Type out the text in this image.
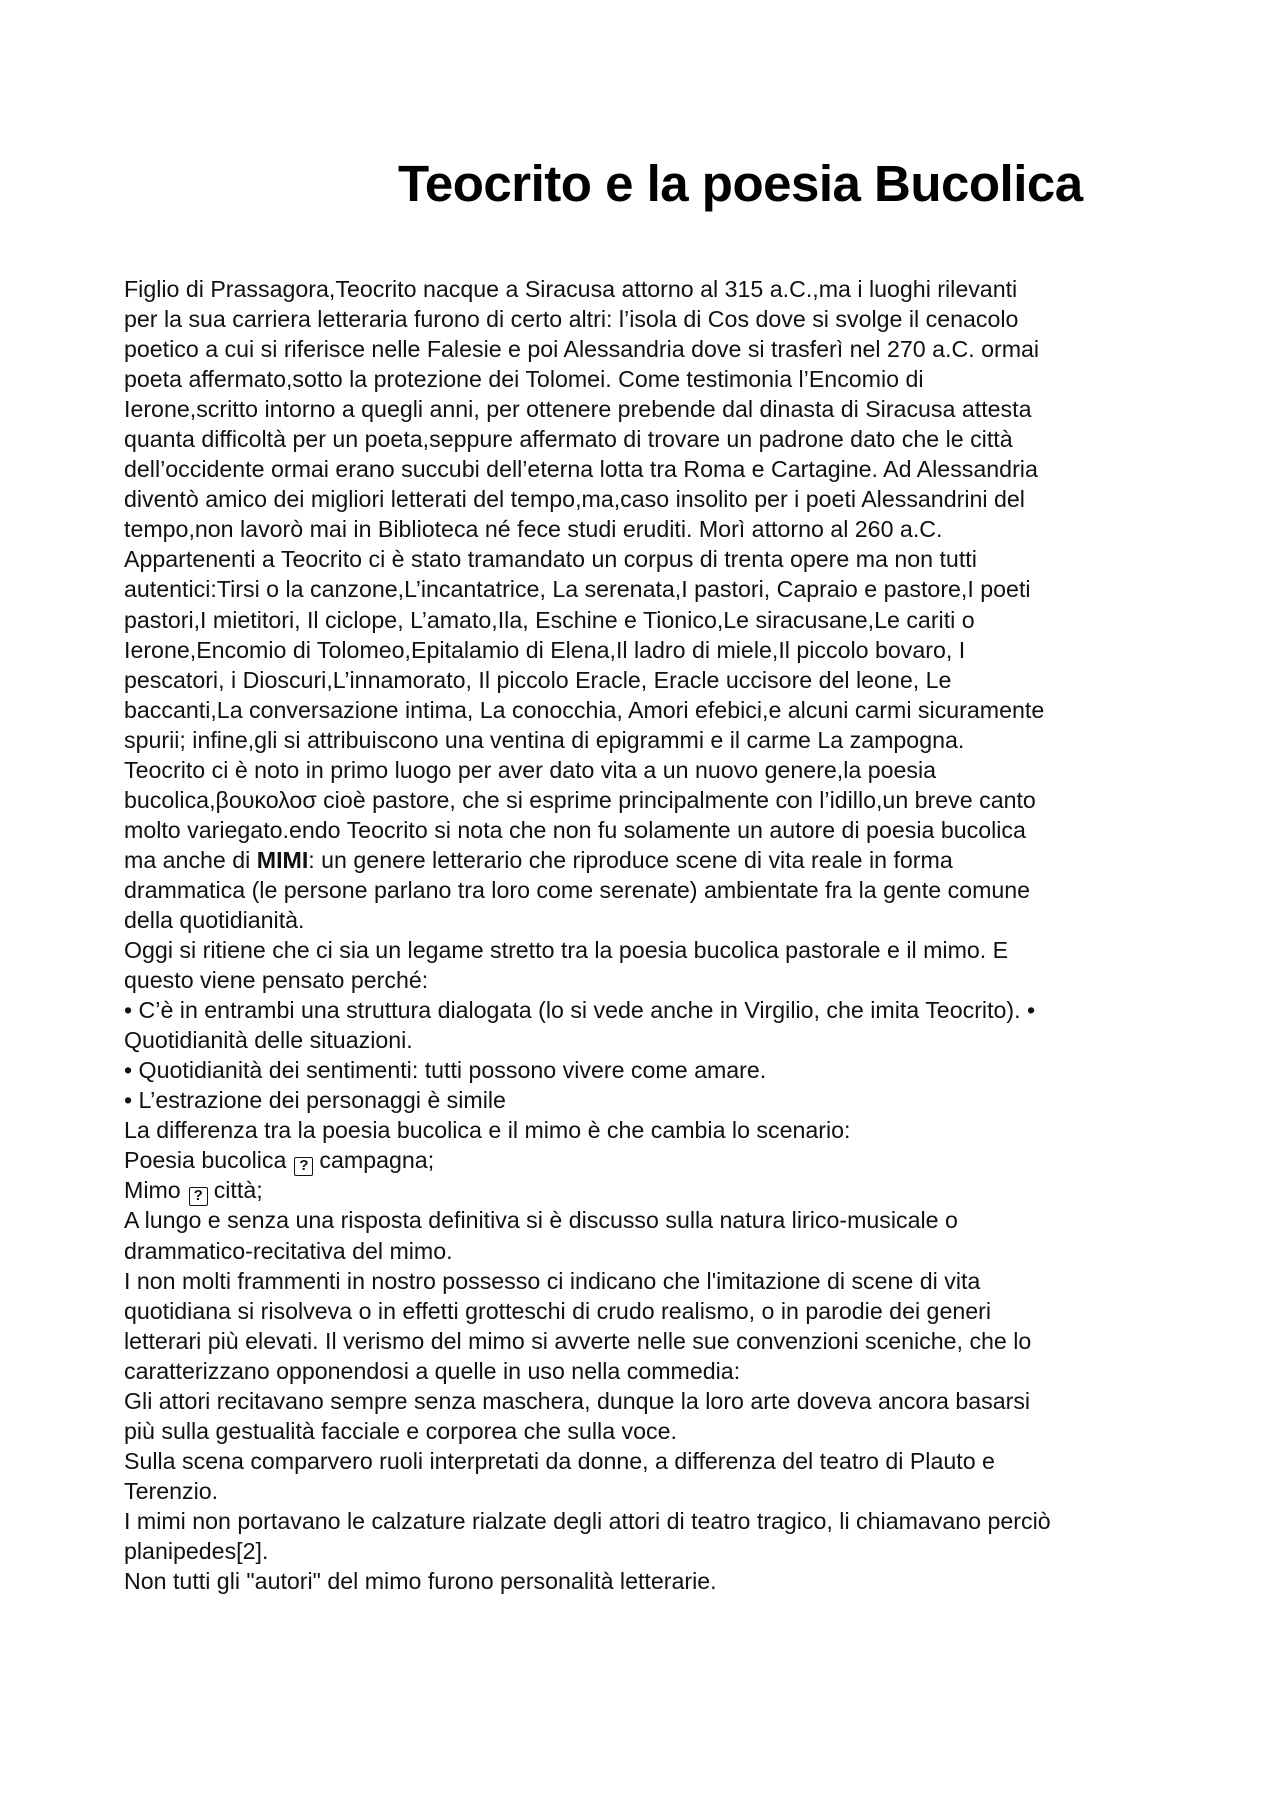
Teocrito e la poesia Bucolica
Figlio di Prassagora,Teocrito nacque a Siracusa attorno al 315 a.C.,ma i luoghi rilevanti
per la sua carriera letteraria furono di certo altri: l’isola di Cos dove si svolge il cenacolo
poetico a cui si riferisce nelle Falesie e poi Alessandria dove si trasferì nel 270 a.C. ormai
poeta affermato,sotto la protezione dei Tolomei. Come testimonia l’Encomio di
Ierone,scritto intorno a quegli anni, per ottenere prebende dal dinasta di Siracusa attesta
quanta difficoltà per un poeta,seppure affermato di trovare un padrone dato che le città
dell’occidente ormai erano succubi dell’eterna lotta tra Roma e Cartagine. Ad Alessandria
diventò amico dei migliori letterati del tempo,ma,caso insolito per i poeti Alessandrini del
tempo,non lavorò mai in Biblioteca né fece studi eruditi. Morì attorno al 260 a.C.
Appartenenti a Teocrito ci è stato tramandato un corpus di trenta opere ma non tutti
autentici:Tirsi o la canzone,L’incantatrice, La serenata,I pastori, Capraio e pastore,I poeti
pastori,I mietitori, Il ciclope, L’amato,Ila, Eschine e Tionico,Le siracusane,Le cariti o
Ierone,Encomio di Tolomeo,Epitalamio di Elena,Il ladro di miele,Il piccolo bovaro, I
pescatori, i Dioscuri,L’innamorato, Il piccolo Eracle, Eracle uccisore del leone, Le
baccanti,La conversazione intima, La conocchia, Amori efebici,e alcuni carmi sicuramente
spurii; infine,gli si attribuiscono una ventina di epigrammi e il carme La zampogna.
Teocrito ci è noto in primo luogo per aver dato vita a un nuovo genere,la poesia
bucolica,βουκολοσ cioè pastore, che si esprime principalmente con l’idillo,un breve canto
molto variegato.endo Teocrito si nota che non fu solamente un autore di poesia bucolica
ma anche di MIMI: un genere letterario che riproduce scene di vita reale in forma
drammatica (le persone parlano tra loro come serenate) ambientate fra la gente comune
della quotidianità.
Oggi si ritiene che ci sia un legame stretto tra la poesia bucolica pastorale e il mimo. E
questo viene pensato perché:
• C’è in entrambi una struttura dialogata (lo si vede anche in Virgilio, che imita Teocrito). •
Quotidianità delle situazioni.
• Quotidianità dei sentimenti: tutti possono vivere come amare.
• L’estrazione dei personaggi è simile
La differenza tra la poesia bucolica e il mimo è che cambia lo scenario:
Poesia bucolica ? campagna;
Mimo ? città;
A lungo e senza una risposta definitiva si è discusso sulla natura lirico-musicale o
drammatico-recitativa del mimo.
I non molti frammenti in nostro possesso ci indicano che l'imitazione di scene di vita
quotidiana si risolveva o in effetti grotteschi di crudo realismo, o in parodie dei generi
letterari più elevati. Il verismo del mimo si avverte nelle sue convenzioni sceniche, che lo
caratterizzano opponendosi a quelle in uso nella commedia:
Gli attori recitavano sempre senza maschera, dunque la loro arte doveva ancora basarsi
più sulla gestualità facciale e corporea che sulla voce.
Sulla scena comparvero ruoli interpretati da donne, a differenza del teatro di Plauto e
Terenzio.
I mimi non portavano le calzature rialzate degli attori di teatro tragico, li chiamavano perciò
planipedes[2].
Non tutti gli "autori" del mimo furono personalità letterarie.
